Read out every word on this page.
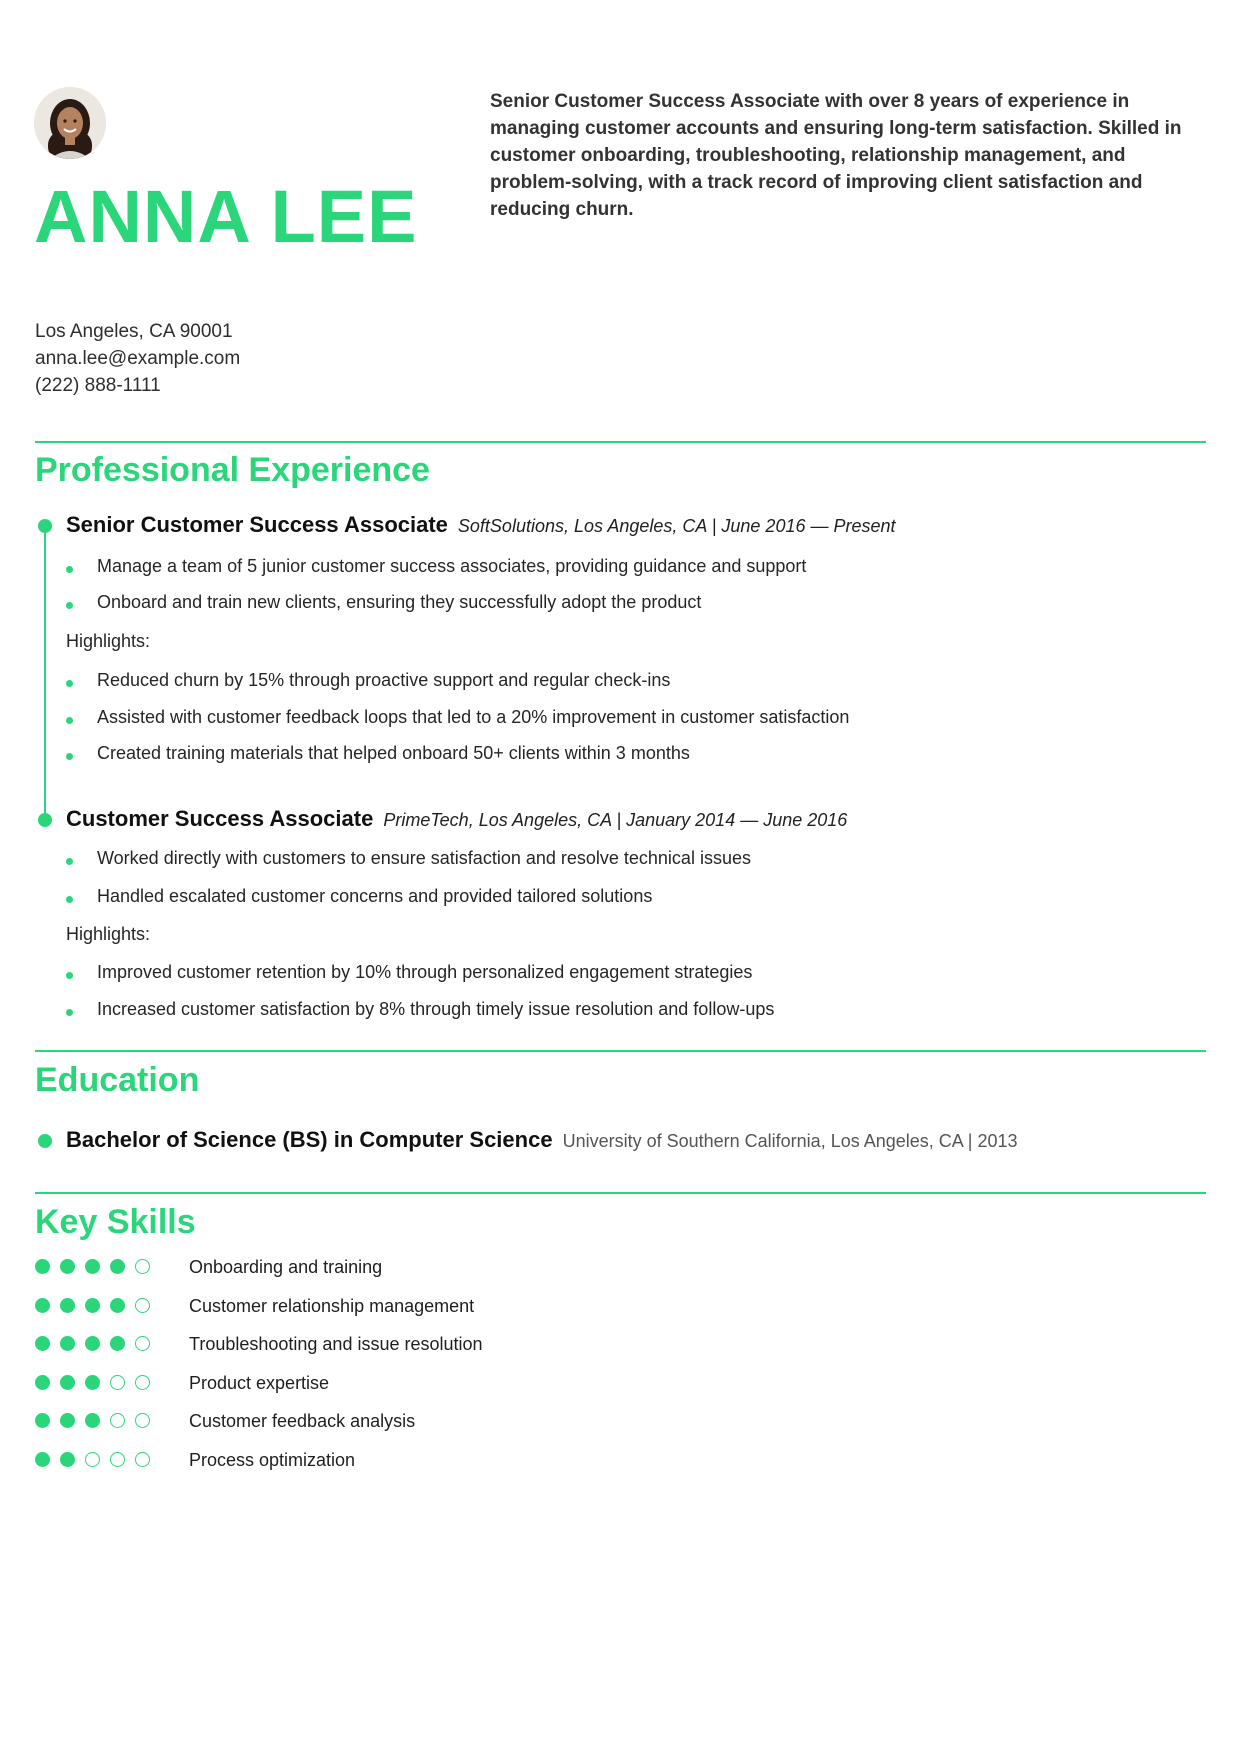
ANNA LEE

Senior Customer Success Associate with over 8 years of experience in managing customer accounts and ensuring long-term satisfaction. Skilled in customer onboarding, troubleshooting, relationship management, and problem-solving, with a track record of improving client satisfaction and reducing churn.

Los Angeles, CA 90001
anna.lee@example.com
(222) 888-1111
Professional Experience
Senior Customer Success Associate SoftSolutions, Los Angeles, CA | June 2016 — Present
Manage a team of 5 junior customer success associates, providing guidance and support
Onboard and train new clients, ensuring they successfully adopt the product
Highlights:
Reduced churn by 15% through proactive support and regular check-ins
Assisted with customer feedback loops that led to a 20% improvement in customer satisfaction
Created training materials that helped onboard 50+ clients within 3 months
Customer Success Associate PrimeTech, Los Angeles, CA | January 2014 — June 2016
Worked directly with customers to ensure satisfaction and resolve technical issues
Handled escalated customer concerns and provided tailored solutions
Highlights:
Improved customer retention by 10% through personalized engagement strategies
Increased customer satisfaction by 8% through timely issue resolution and follow-ups
Education
Bachelor of Science (BS) in Computer Science University of Southern California, Los Angeles, CA | 2013
Key Skills
Onboarding and training
Customer relationship management
Troubleshooting and issue resolution
Product expertise
Customer feedback analysis
Process optimization
